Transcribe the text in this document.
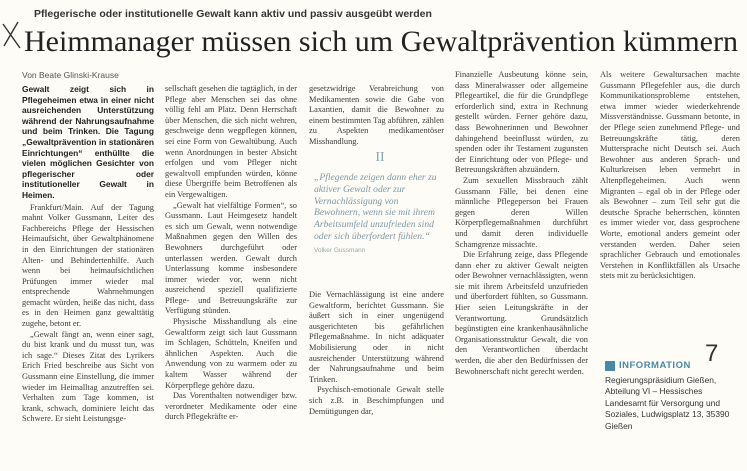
Pflegerische oder institutionelle Gewalt kann aktiv und passiv ausgeübt werden
Heimmanager müssen sich um Gewaltprävention kümmern
Von Beate Glinski-Krause

Gewalt zeigt sich in Pflegeheimen etwa in einer nicht ausreichenden Unterstützung während der Nahrungsaufnahme und beim Trinken. Die Tagung „Gewaltprävention in stationären Einrichtungen“ enthüllte die vielen möglichen Gesichter von pflegerischer oder institutioneller Gewalt in Heimen.

Frankfurt/Main. Auf der Tagung mahnt Volker Gussmann, Leiter des Fachbereichs Pflege der Hessischen Heimaufsicht, über Gewaltphänomene in den Einrichtungen der stationären Alten- und Behindertenhilfe. Auch wenn bei heimaufsichtlichen Prüfungen immer wieder mal entsprechende Wahrnehmungen gemacht würden, heiße das nicht, dass es in den Heimen ganz gewalttätig zugehe, betont er.

„Gewalt fängt an, wenn einer sagt, du bist krank und du musst tun, was ich sage.“ Dieses Zitat des Lyrikers Erich Fried beschreibe aus Sicht von Gussmann eine Einstellung, die immer wieder im Heimalltag anzutreffen sei. Verhalten zum Tage kommen, ist krank, schwach, dominiere leicht das Schwere. Er sieht Leistungsge-

sellschaft gesehen die tagtäglich, in der Pflege aber Menschen sei das ohne völlig fehl am Platz. Denn Herrschaft über Menschen, die sich nicht wehren, geschweige denn wegpflegen können, sei eine Form von Gewaltübung. Auch wenn Anordnungen in bester Absicht erfolgen und vom Pfleger nicht gewaltvoll empfunden würden, könne diese Übergriffe beim Betroffenen als ein Vergewaltigen.

„Gewalt hat vielfältige Formen“, so Gussmann. Laut Heimgesetz handelt es sich um Gewalt, wenn notwendige Maßnahmen gegen den Willen des Bewohners durchgeführt oder unterlassen werden. Gewalt durch Unterlassung komme insbesondere immer wieder vor, wenn nicht ausreichend speziell qualifizierte Pflege- und Betreuungskräfte zur Verfügung stünden.

Physische Misshandlung als eine Gewaltform zeigt sich laut Gussmann im Schlagen, Schütteln, Kneifen und ähnlichen Aspekten. Auch die Anwendung von zu warmem oder zu kaltem Wasser während der Körperpflege gehöre dazu.

Das Vorenthalten notwendiger bzw. verordneter Medikamente oder eine durch Pflegekräfte er-

gesetzwidrige Verabreichung von Medikamenten sowie die Gabe von Laxantien, damit die Bewohner zu einem bestimmten Tag abführen, zählen zu Aspekten medikamentöser Misshandlung.

II
„Pflegende zeigen dann eher zu aktiver Gewalt oder zur Vernachlässigung von Bewohnern, wenn sie mit ihrem Arbeitsumfeld unzufrieden sind oder sich überfordert fühlen.“
Volker Gussmann

Die Vernachlässigung ist eine andere Gewaltform, berichtet Gussmann. Sie äußert sich in einer ungenügend ausgerichteten bis gefährlichen Pflegemaßnahme. In nicht adäquater Mobilisierung oder in nicht ausreichender Unterstützung während der Nahrungsaufnahme und beim Trinken.

Psychisch-emotionale Gewalt stelle sich z.B. in Beschimpfungen und Demütigungen dar,

Finanzielle Ausbeutung könne sein, dass Mineralwasser oder allgemeine Pflegeartikel, die für die Grundpflege erforderlich sind, extra in Rechnung gestellt würden. Ferner gehöre dazu, dass Bewohnerinnen und Bewohner dahingehend beeinflusst würden, zu spenden oder ihr Testament zugunsten der Einrichtung oder von Pflege- und Betreuungskräften abzuändern.

Zum sexuellen Missbrauch zählt Gussmann Fälle, bei denen eine männliche Pflegeperson bei Frauen gegen deren Willen Körperpflegemaßnahmen durchführt und damit deren individuelle Schamgrenze missachte.

Die Erfahrung zeige, dass Pflegende dann eher zu aktiver Gewalt neigten oder Bewohner vernachlässigten, wenn sie mit ihrem Arbeitsfeld unzufrieden und überfordert fühlten, so Gussmann. Hier seien Leitungskräfte in der Verantwortung. Grundsätzlich begünstigten eine krankenhausähnliche Organisationsstruktur Gewalt, die von den Verantwortlichen überdacht werden, die aber den Bedürfnissen der Bewohnerschaft nicht gerecht werden.

Als weitere Gewaltursachen machte Gussmann Pflegefehler aus, die durch Kommunikationsprobleme entstehen, etwa immer wieder wiederkehrende Missverständnisse. Gussmann betonte, in der Pflege seien zunehmend Pflege- und Betreuungskräfte tätig, deren Muttersprache nicht Deutsch sei. Auch Bewohner aus anderen Sprach- und Kulturkreisen leben vermehrt in Altenpflegeheimen. Auch wenn Migranten – egal ob in der Pflege oder als Bewohner – zum Teil sehr gut die deutsche Sprache beherrschen, könnten es immer wieder vor, dass gesprochene Worte, emotional anders gemeint oder verstanden werden. Daher seien sprachlicher Gebrauch und emotionales Verstehen in Konfliktfällen als Ursache stets mit zu berücksichtigen.

7
INFORMATION
Regierungspräsidium Gießen, Abteilung VI – Hessisches Landesamt für Versorgung und Soziales, Ludwigsplatz 13, 35390 Gießen
